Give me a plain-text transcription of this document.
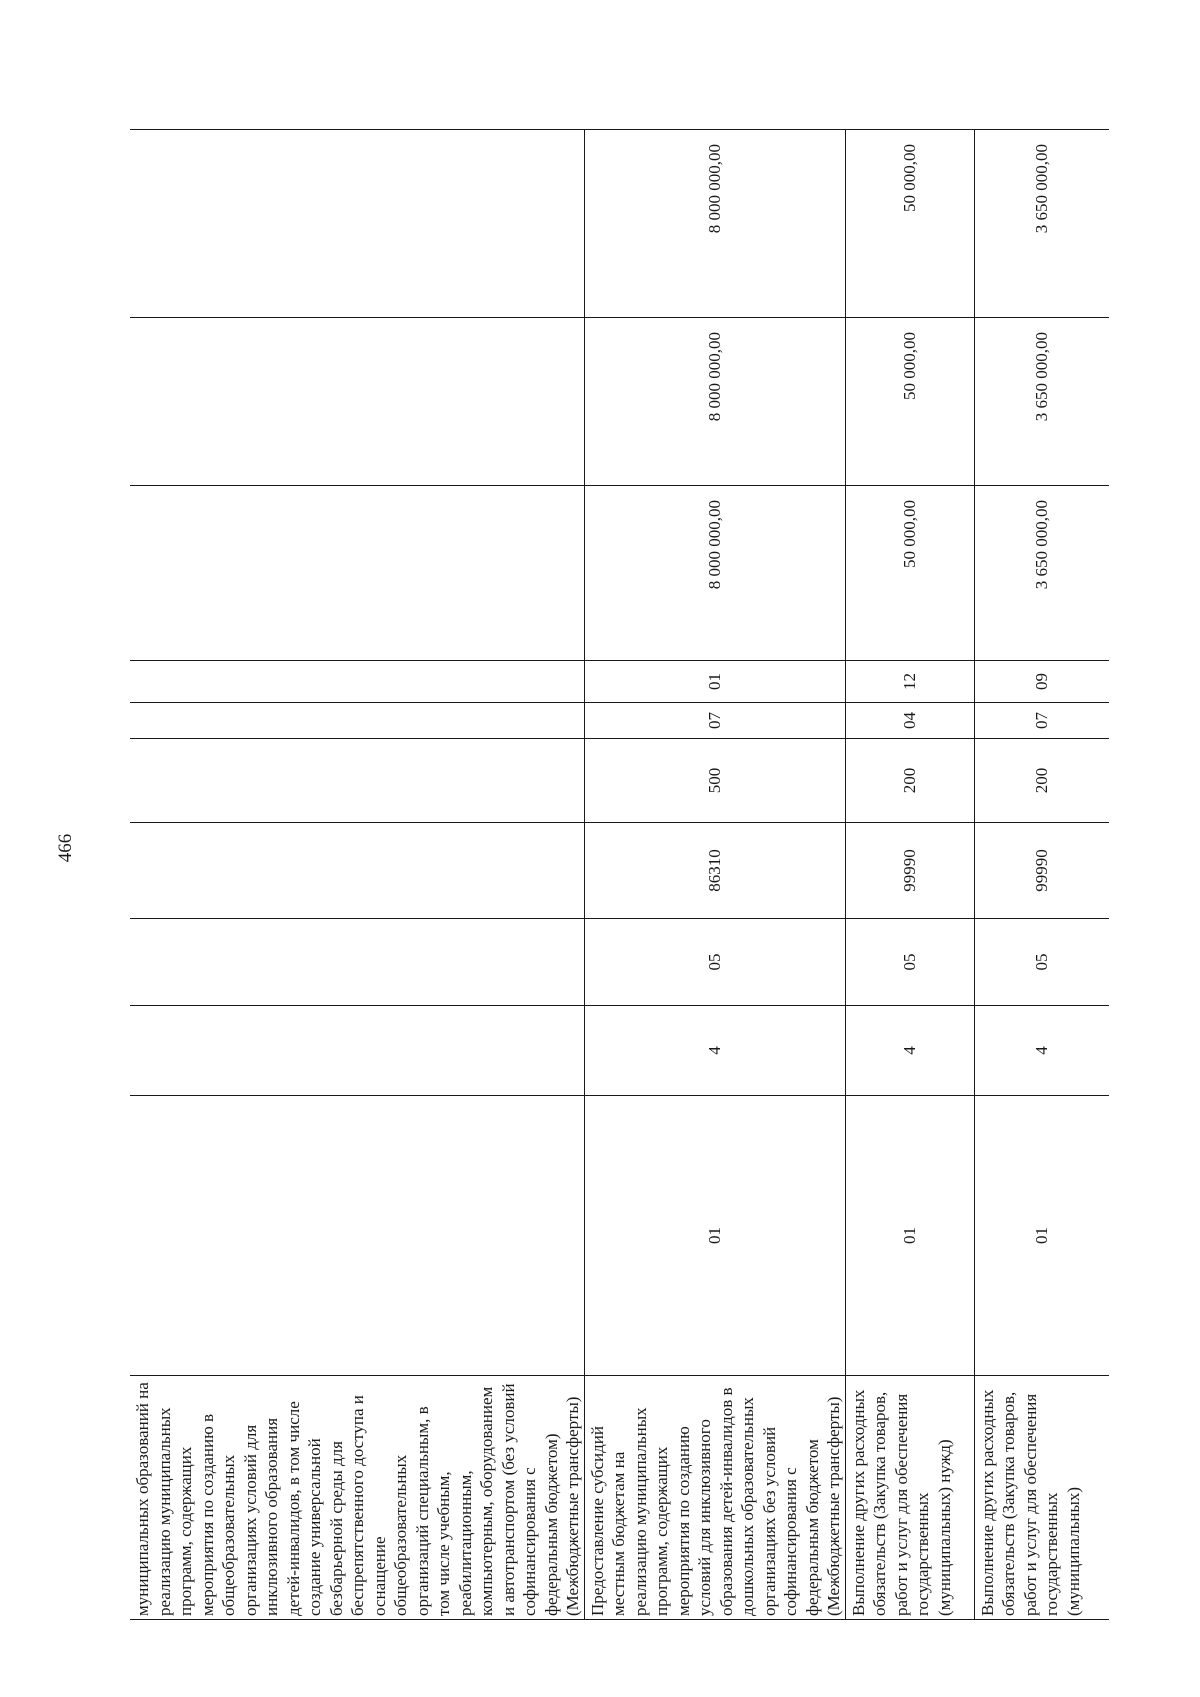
466
муниципальных образований на реализацию муниципальных программ, содержащих мероприятия по созданию в общеобразовательных организациях условий для инклюзивного образования детей-инвалидов, в том числе создание универсальной безбарьерной среды для беспрепятственного доступа и оснащение общеобразовательных организаций специальным, в том числе учебным, реабилитационным, компьютерным, оборудованием и автотранспортом (без условий софинансирования с федеральным бюджетом) (Межбюджетные трансферты)										
Предоставление субсидий местным бюджетам на реализацию муниципальных программ, содержащих мероприятия по созданию условий для инклюзивного образования детей-инвалидов в дошкольных образовательных организациях без условий софинансирования с федеральным бюджетом (Межбюджетные трансферты)	01	4	05	86310	500	07	01	8 000 000,00	8 000 000,00	8 000 000,00
Выполнение других расходных обязательств (Закупка товаров, работ и услуг для обеспечения государственных (муниципальных) нужд)	01	4	05	99990	200	04	12	50 000,00	50 000,00	50 000,00
Выполнение других расходных обязательств (Закупка товаров, работ и услуг для обеспечения государственных (муниципальных)	01	4	05	99990	200	07	09	3 650 000,00	3 650 000,00	3 650 000,00
